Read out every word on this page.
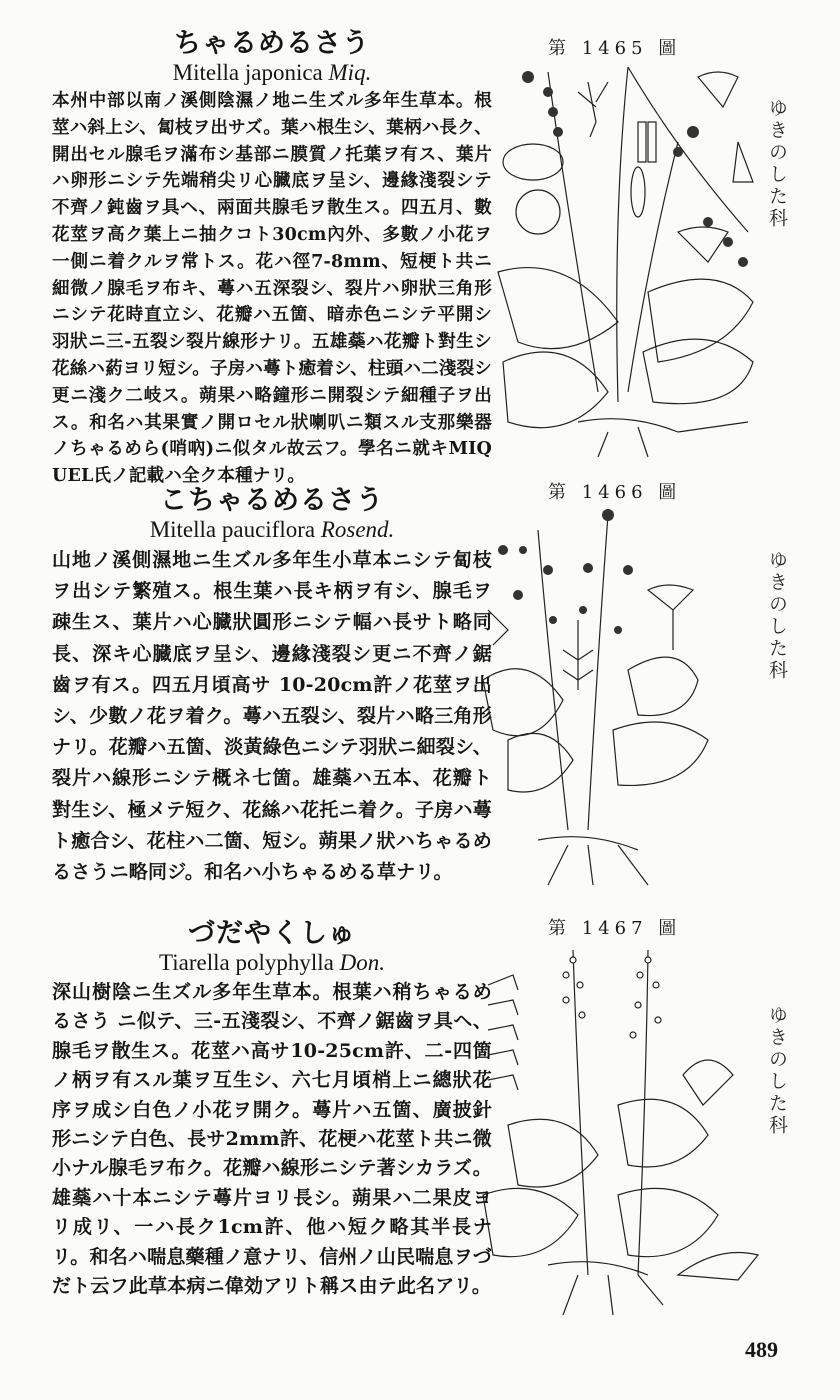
ちゃるめるさう

Mitella japonica Miq.

本州中部以南ノ溪側陰濕ノ地ニ生ズル多年生草本。根莖ハ斜上シ、匐枝ヲ出サズ。葉ハ根生シ、葉柄ハ長ク、開出セル腺毛ヲ滿布シ基部ニ膜質ノ托葉ヲ有ス、葉片ハ卵形ニシテ先端稍尖リ心臓底ヲ呈シ、邊緣淺裂シテ不齊ノ鈍齒ヲ具ヘ、兩面共腺毛ヲ散生ス。四五月、數花莖ヲ高ク葉上ニ抽クコト30cm內外、多數ノ小花ヲ一側ニ着クルヲ常トス。花ハ徑7-8mm、短梗ト共ニ細微ノ腺毛ヲ布キ、蕚ハ五深裂シ、裂片ハ卵狀三角形ニシテ花時直立シ、花瓣ハ五箇、暗赤色ニシテ平開シ羽狀ニ三-五裂シ裂片線形ナリ。五雄蘂ハ花瓣ト對生シ花絲ハ葯ヨリ短シ。子房ハ蕚ト癒着シ、柱頭ハ二淺裂シ更ニ淺ク二岐ス。蒴果ハ略鐘形ニ開裂シテ細種子ヲ出ス。和名ハ其果實ノ開ロセル狀喇叭ニ類スル支那樂器ノちゃるめら(哨吶)ニ似タル故云フ。學名ニ就キMIQUEL氏ノ記載ハ全ク本種ナリ。

第 1465 圖
ゆきのした科
こちゃるめるさう

Mitella pauciflora Rosend.

山地ノ溪側濕地ニ生ズル多年生小草本ニシテ匐枝ヲ出シテ繁殖ス。根生葉ハ長キ柄ヲ有シ、腺毛ヲ疎生ス、葉片ハ心臓狀圓形ニシテ幅ハ長サト略同長、深キ心臓底ヲ呈シ、邊緣淺裂シ更ニ不齊ノ鋸齒ヲ有ス。四五月頃高サ 10-20cm許ノ花莖ヲ出シ、少數ノ花ヲ着ク。蕚ハ五裂シ、裂片ハ略三角形ナリ。花瓣ハ五箇、淡黃綠色ニシテ羽狀ニ細裂シ、裂片ハ線形ニシテ概ネ七箇。雄蘂ハ五本、花瓣ト對生シ、極メテ短ク、花絲ハ花托ニ着ク。子房ハ蕚ト癒合シ、花柱ハ二箇、短シ。蒴果ノ狀ハちゃるめるさうニ略同ジ。和名ハ小ちゃるめる草ナリ。

第 1466 圖
ゆきのした科
づだやくしゅ

Tiarella polyphylla Don.

深山樹陰ニ生ズル多年生草本。根葉ハ稍ちゃるめるさう ニ似テ、三-五淺裂シ、不齊ノ鋸齒ヲ具ヘ、腺毛ヲ散生ス。花莖ハ高サ10-25cm許、二-四箇ノ柄ヲ有スル葉ヲ互生シ、六七月頃梢上ニ總狀花序ヲ成シ白色ノ小花ヲ開ク。蕚片ハ五箇、廣披針形ニシテ白色、長サ2mm許、花梗ハ花莖ト共ニ微小ナル腺毛ヲ布ク。花瓣ハ線形ニシテ著シカラズ。雄蘂ハ十本ニシテ蕚片ヨリ長シ。蒴果ハ二果皮ヨリ成リ、一ハ長ク1cm許、他ハ短ク略其半長ナリ。和名ハ喘息藥種ノ意ナリ、信州ノ山民喘息ヲづだト云フ此草本病ニ偉効アリト稱ス由テ此名アリ。

第 1467 圖
ゆきのした科
489
